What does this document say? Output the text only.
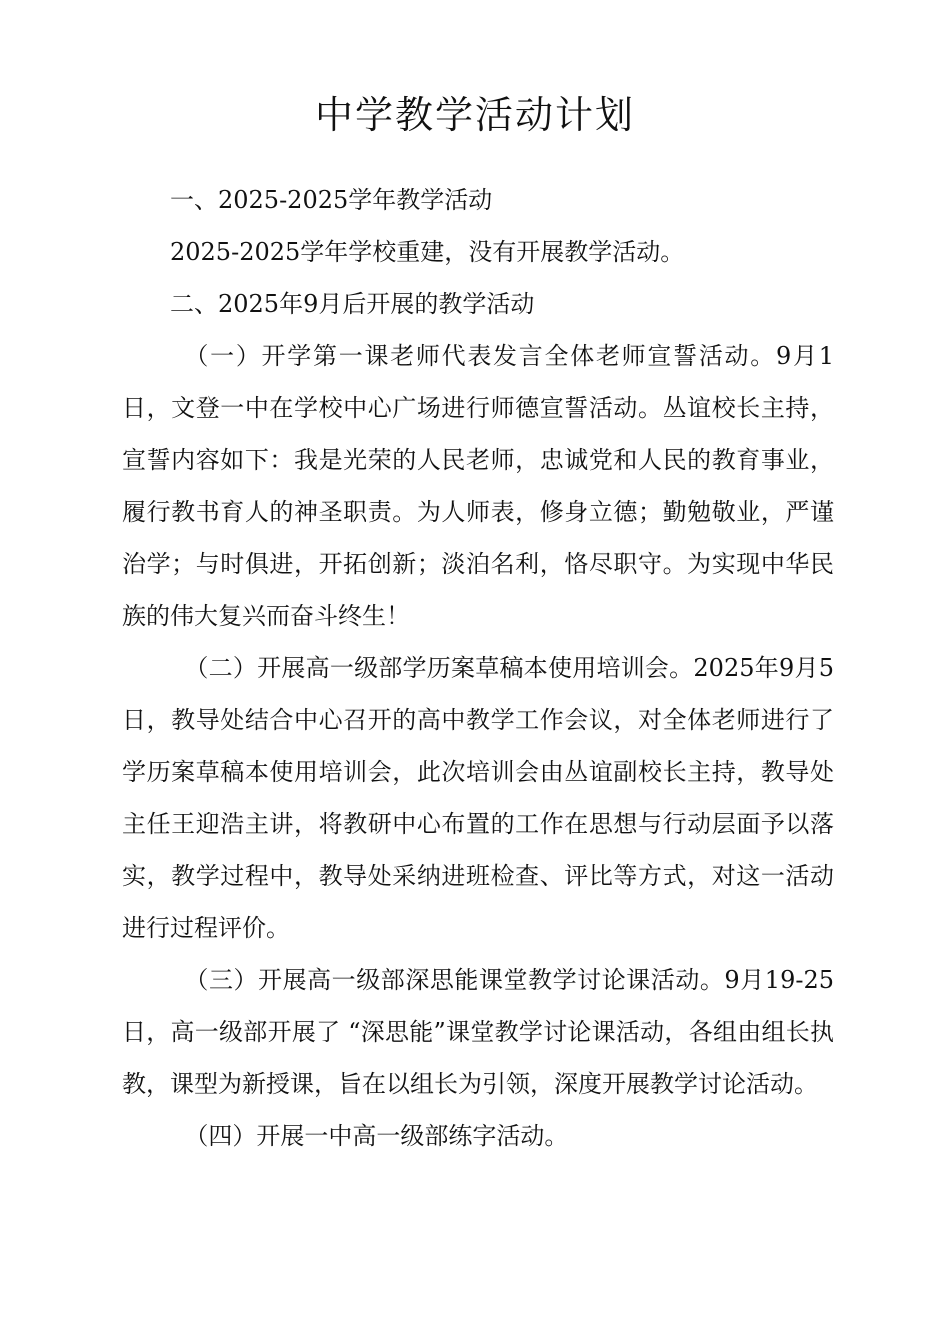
中学教学活动计划

一、2025-2025学年教学活动

2025-2025学年学校重建，没有开展教学活动。

二、2025年9月后开展的教学活动

（一）开学第一课老师代表发言全体老师宣誓活动。9月1日，文登一中在学校中心广场进行师德宣誓活动。丛谊校长主持，宣誓内容如下：我是光荣的人民老师，忠诚党和人民的教育事业，履行教书育人的神圣职责。为人师表，修身立德；勤勉敬业，严谨治学；与时俱进，开拓创新；淡泊名利，恪尽职守。为实现中华民族的伟大复兴而奋斗终生！

（二）开展高一级部学历案草稿本使用培训会。2025年9月5日，教导处结合中心召开的高中教学工作会议，对全体老师进行了学历案草稿本使用培训会，此次培训会由丛谊副校长主持，教导处主任王迎浩主讲，将教研中心布置的工作在思想与行动层面予以落实，教学过程中，教导处采纳进班检查、评比等方式，对这一活动进行过程评价。

（三）开展高一级部深思能课堂教学讨论课活动。9月19-25日，高一级部开展了 “深思能”课堂教学讨论课活动，各组由组长执教，课型为新授课，旨在以组长为引领，深度开展教学讨论活动。

（四）开展一中高一级部练字活动。
